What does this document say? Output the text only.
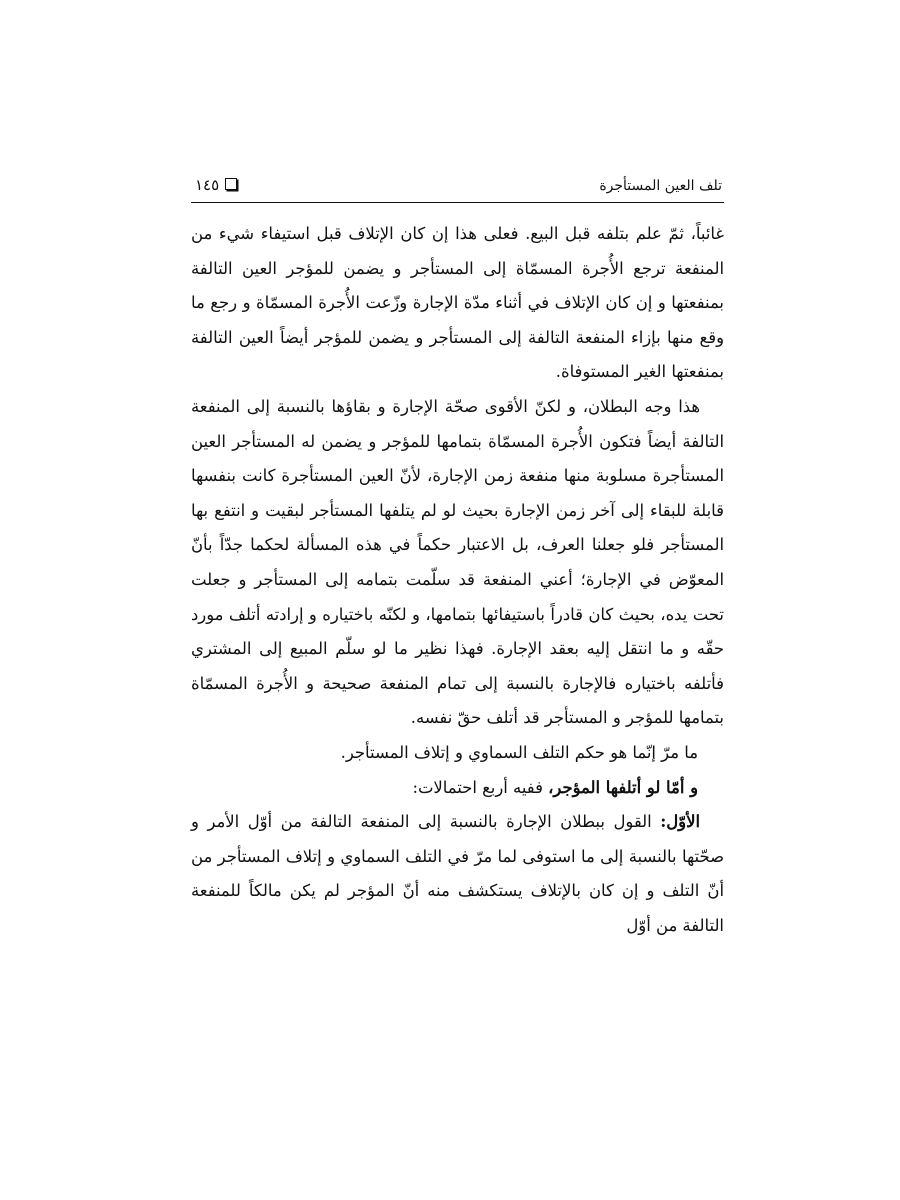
تلف العين المستأجرة
١٤٥

غائباً، ثمّ علم بتلفه قبل البيع. فعلى هذا إن كان الإتلاف قبل استيفاء شيء من المنفعة ترجع الأُجرة المسمّاة إلى المستأجر و يضمن للمؤجر العين التالفة بمنفعتها و إن كان الإتلاف في أثناء مدّة الإجارة وزّعت الأُجرة المسمّاة و رجع ما وقع منها بإزاء المنفعة التالفة إلى المستأجر و يضمن للمؤجر أيضاً العين التالفة بمنفعتها الغير المستوفاة.

هذا وجه البطلان، و لكنّ الأقوى صحّة الإجارة و بقاؤها بالنسبة إلى المنفعة التالفة أيضاً فتكون الأُجرة المسمّاة بتمامها للمؤجر و يضمن له المستأجر العين المستأجرة مسلوبة منها منفعة زمن الإجارة، لأنّ العين المستأجرة كانت بنفسها قابلة للبقاء إلى آخر زمن الإجارة بحيث لو لم يتلفها المستأجر لبقيت و انتفع بها المستأجر فلو جعلنا العرف، بل الاعتبار حكماً في هذه المسألة لحكما جدّاً بأنّ المعوّض في الإجارة؛ أعني المنفعة قد سلّمت بتمامه إلى المستأجر و جعلت تحت يده، بحيث كان قادراً باستيفائها بتمامها، و لكنّه باختياره و إرادته أتلف مورد حقّه و ما انتقل إليه بعقد الإجارة. فهذا نظير ما لو سلّم المبيع إلى المشتري فأتلفه باختياره فالإجارة بالنسبة إلى تمام المنفعة صحيحة و الأُجرة المسمّاة بتمامها للمؤجر و المستأجر قد أتلف حقّ نفسه.

ما مرّ إنّما هو حكم التلف السماوي و إتلاف المستأجر.

و أمّا لو أتلفها المؤجر، ففيه أربع احتمالات:

الأوّل: القول ببطلان الإجارة بالنسبة إلى المنفعة التالفة من أوّل الأمر و صحّتها بالنسبة إلى ما استوفى لما مرّ في التلف السماوي و إتلاف المستأجر من أنّ التلف و إن كان بالإتلاف يستكشف منه أنّ المؤجر لم يكن مالكاً للمنفعة التالفة من أوّل
